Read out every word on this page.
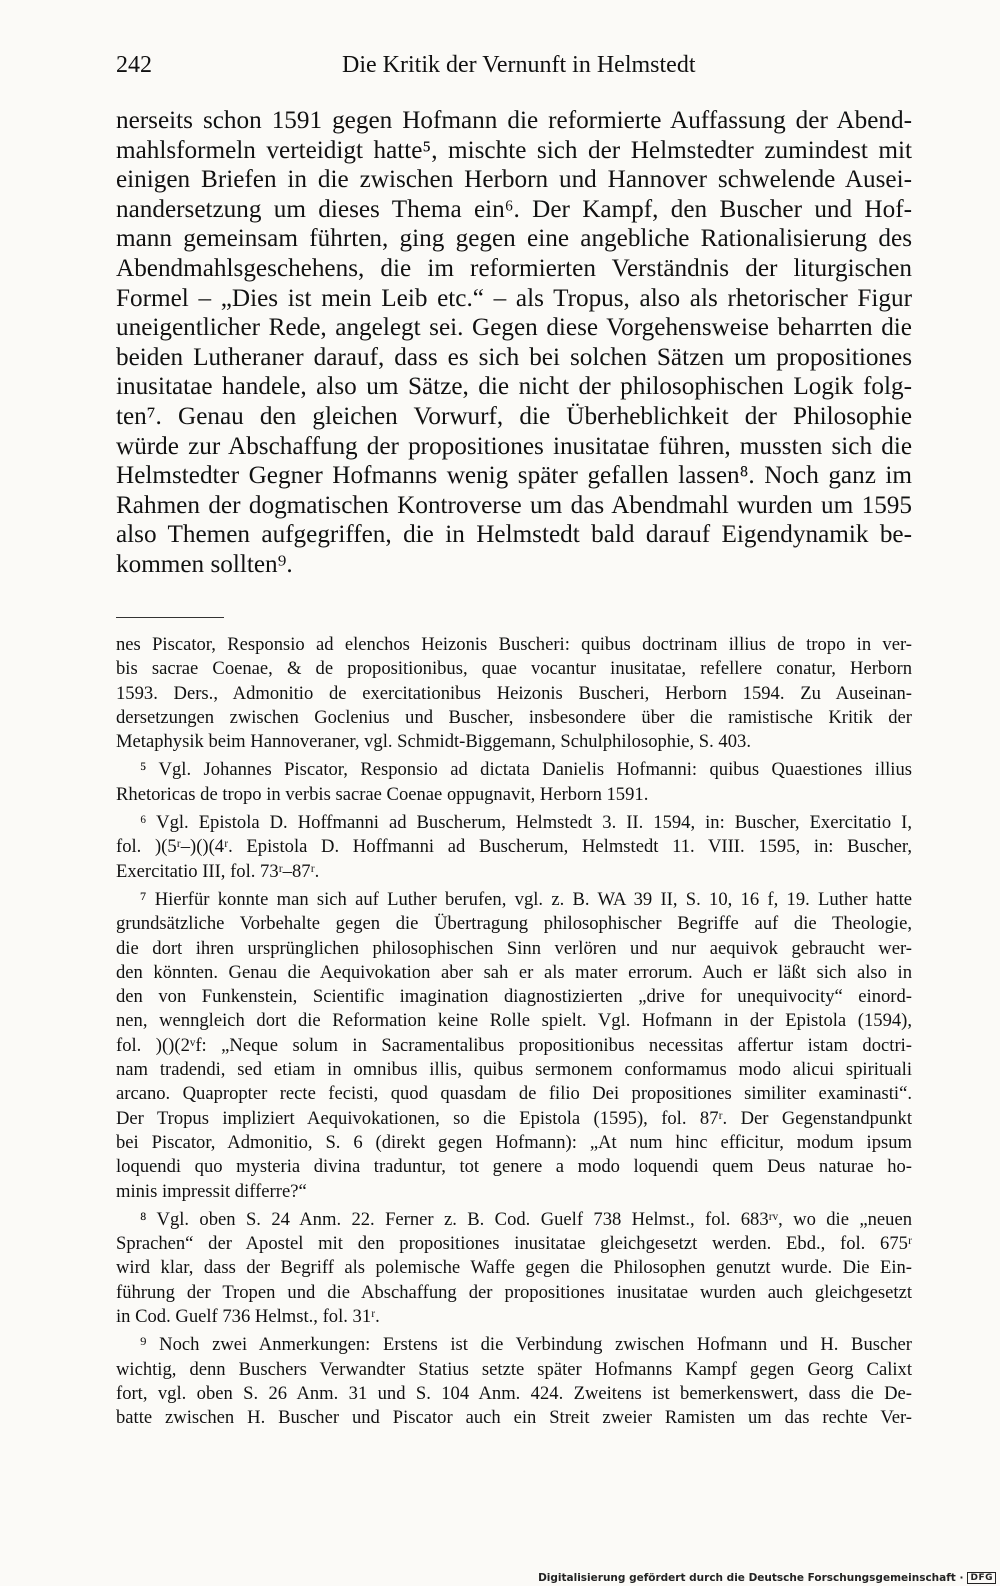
242	Die Kritik der Vernunft in Helmstedt
nerseits schon 1591 gegen Hofmann die reformierte Auffassung der Abend-
mahlsformeln verteidigt hatte⁵, mischte sich der Helmstedter zumindest mit
einigen Briefen in die zwischen Herborn und Hannover schwelende Ausei-
nandersetzung um dieses Thema ein⁶. Der Kampf, den Buscher und Hof-
mann gemeinsam führten, ging gegen eine angebliche Rationalisierung des
Abendmahlsgeschehens, die im reformierten Verständnis der liturgischen
Formel – „Dies ist mein Leib etc.“ – als Tropus, also als rhetorischer Figur
uneigentlicher Rede, angelegt sei. Gegen diese Vorgehensweise beharrten die
beiden Lutheraner darauf, dass es sich bei solchen Sätzen um propositiones
inusitatae handele, also um Sätze, die nicht der philosophischen Logik folg-
ten⁷. Genau den gleichen Vorwurf, die Überheblichkeit der Philosophie
würde zur Abschaffung der propositiones inusitatae führen, mussten sich die
Helmstedter Gegner Hofmanns wenig später gefallen lassen⁸. Noch ganz im
Rahmen der dogmatischen Kontroverse um das Abendmahl wurden um 1595
also Themen aufgegriffen, die in Helmstedt bald darauf Eigendynamik be-
kommen sollten⁹.
nes Piscator, Responsio ad elenchos Heizonis Buscheri: quibus doctrinam illius de tropo in ver-
bis sacrae Coenae, & de propositionibus, quae vocantur inusitatae, refellere conatur, Herborn
1593. Ders., Admonitio de exercitationibus Heizonis Buscheri, Herborn 1594. Zu Auseinan-
dersetzungen zwischen Goclenius und Buscher, insbesondere über die ramistische Kritik der
Metaphysik beim Hannoveraner, vgl. Schmidt-Biggemann, Schulphilosophie, S. 403.
⁵ Vgl. Johannes Piscator, Responsio ad dictata Danielis Hofmanni: quibus Quaestiones illius
Rhetoricas de tropo in verbis sacrae Coenae oppugnavit, Herborn 1591.
⁶ Vgl. Epistola D. Hoffmanni ad Buscherum, Helmstedt 3. II. 1594, in: Buscher, Exercitatio I,
fol. )(5ʳ–)()(4ʳ. Epistola D. Hoffmanni ad Buscherum, Helmstedt 11. VIII. 1595, in: Buscher,
Exercitatio III, fol. 73ʳ–87ʳ.
⁷ Hierfür konnte man sich auf Luther berufen, vgl. z. B. WA 39 II, S. 10, 16 f, 19. Luther hatte
grundsätzliche Vorbehalte gegen die Übertragung philosophischer Begriffe auf die Theologie,
die dort ihren ursprünglichen philosophischen Sinn verlören und nur aequivok gebraucht wer-
den könnten. Genau die Aequivokation aber sah er als mater errorum. Auch er läßt sich also in
den von Funkenstein, Scientific imagination diagnostizierten „drive for unequivocity“ einord-
nen, wenngleich dort die Reformation keine Rolle spielt. Vgl. Hofmann in der Epistola (1594),
fol. )()(2ᵛf: „Neque solum in Sacramentalibus propositionibus necessitas affertur istam doctri-
nam tradendi, sed etiam in omnibus illis, quibus sermonem conformamus modo alicui spirituali
arcano. Quapropter recte fecisti, quod quasdam de filio Dei propositiones similiter examinasti“.
Der Tropus impliziert Aequivokationen, so die Epistola (1595), fol. 87ʳ. Der Gegenstandpunkt
bei Piscator, Admonitio, S. 6 (direkt gegen Hofmann): „At num hinc efficitur, modum ipsum
loquendi quo mysteria divina traduntur, tot genere a modo loquendi quem Deus naturae ho-
minis impressit differre?“
⁸ Vgl. oben S. 24 Anm. 22. Ferner z. B. Cod. Guelf 738 Helmst., fol. 683ʳᵛ, wo die „neuen
Sprachen“ der Apostel mit den propositiones inusitatae gleichgesetzt werden. Ebd., fol. 675ʳ
wird klar, dass der Begriff als polemische Waffe gegen die Philosophen genutzt wurde. Die Ein-
führung der Tropen und die Abschaffung der propositiones inusitatae wurden auch gleichgesetzt
in Cod. Guelf 736 Helmst., fol. 31ʳ.
⁹ Noch zwei Anmerkungen: Erstens ist die Verbindung zwischen Hofmann und H. Buscher
wichtig, denn Buschers Verwandter Statius setzte später Hofmanns Kampf gegen Georg Calixt
fort, vgl. oben S. 26 Anm. 31 und S. 104 Anm. 424. Zweitens ist bemerkenswert, dass die De-
batte zwischen H. Buscher und Piscator auch ein Streit zweier Ramisten um das rechte Ver-
Digitalisierung gefördert durch die Deutsche Forschungsgemeinschaft · DFG
